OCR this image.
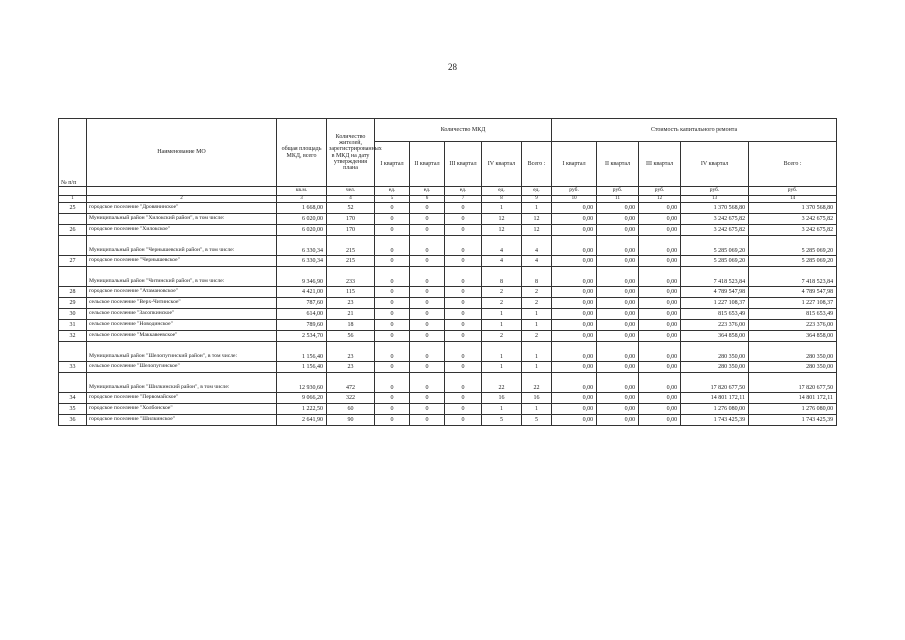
28
№ п/п	Наименование МО	общая площадь МКД, всего	Количество жителей, зарегистрированных в МКД на дату утверждения плана	Количество МКД					Стоимость капитального ремонта				
				I квартал	II квартал	III квартал	IV квартал	Всего :	I квартал	II квартал	III квартал	IV квартал	Всего :
		кв.м.	чел.	ед.	ед.	ед.	ед.	ед.	руб.	руб.	руб.	руб.	руб.
1	2	3	4	5	6	7	8	9	10	11	12	13	14
25	городское поселение "Дровянинское"	1 668,00	52	0	0	0	1	1	0,00	0,00	0,00	1 370 568,80	1 370 568,80
	Муниципальный район "Хилокский район", в том числе:	6 020,00	170	0	0	0	12	12	0,00	0,00	0,00	3 242 675,82	3 242 675,82
26	городское поселение "Хилокское"	6 020,00	170	0	0	0	12	12	0,00	0,00	0,00	3 242 675,82	3 242 675,82
	Муниципальный район "Чернышевский район", в том числе:	6 330,34	215	0	0	0	4	4	0,00	0,00	0,00	5 285 069,20	5 285 069,20
27	городское поселение "Чернышевское"	6 330,34	215	0	0	0	4	4	0,00	0,00	0,00	5 285 069,20	5 285 069,20
	Муниципальный район "Читинский район", в том числе:	9 346,90	233	0	0	0	8	8	0,00	0,00	0,00	7 418 523,84	7 418 523,84
28	городское поселение "Атамановское"	4 421,00	115	0	0	0	2	2	0,00	0,00	0,00	4 789 547,98	4 789 547,98
29	сельское поселение "Верх-Читинское"	787,60	23	0	0	0	2	2	0,00	0,00	0,00	1 227 108,37	1 227 108,37
30	сельское поселение "Засопкинское"	614,00	21	0	0	0	1	1	0,00	0,00	0,00	815 653,49	815 653,49
31	сельское поселение "Новодинское"	789,60	18	0	0	0	1	1	0,00	0,00	0,00	223 376,00	223 376,00
32	сельское поселение "Маккавеевское"	2 534,70	56	0	0	0	2	2	0,00	0,00	0,00	364 858,00	364 858,00
	Муниципальный район "Шелопугинский район", в том числе:	1 156,40	23	0	0	0	1	1	0,00	0,00	0,00	280 350,00	280 350,00
33	сельское поселение "Шелопугинское"	1 156,40	23	0	0	0	1	1	0,00	0,00	0,00	280 350,00	280 350,00
	Муниципальный район "Шилкинский район", в том числе:	12 930,60	472	0	0	0	22	22	0,00	0,00	0,00	17 820 677,50	17 820 677,50
34	городское поселение "Первомайское"	9 066,20	322	0	0	0	16	16	0,00	0,00	0,00	14 801 172,11	14 801 172,11
35	городское поселение "Холбонское"	1 222,50	60	0	0	0	1	1	0,00	0,00	0,00	1 276 080,00	1 276 080,00
36	городское поселение "Шилкинское"	2 641,90	90	0	0	0	5	5	0,00	0,00	0,00	1 743 425,39	1 743 425,39
